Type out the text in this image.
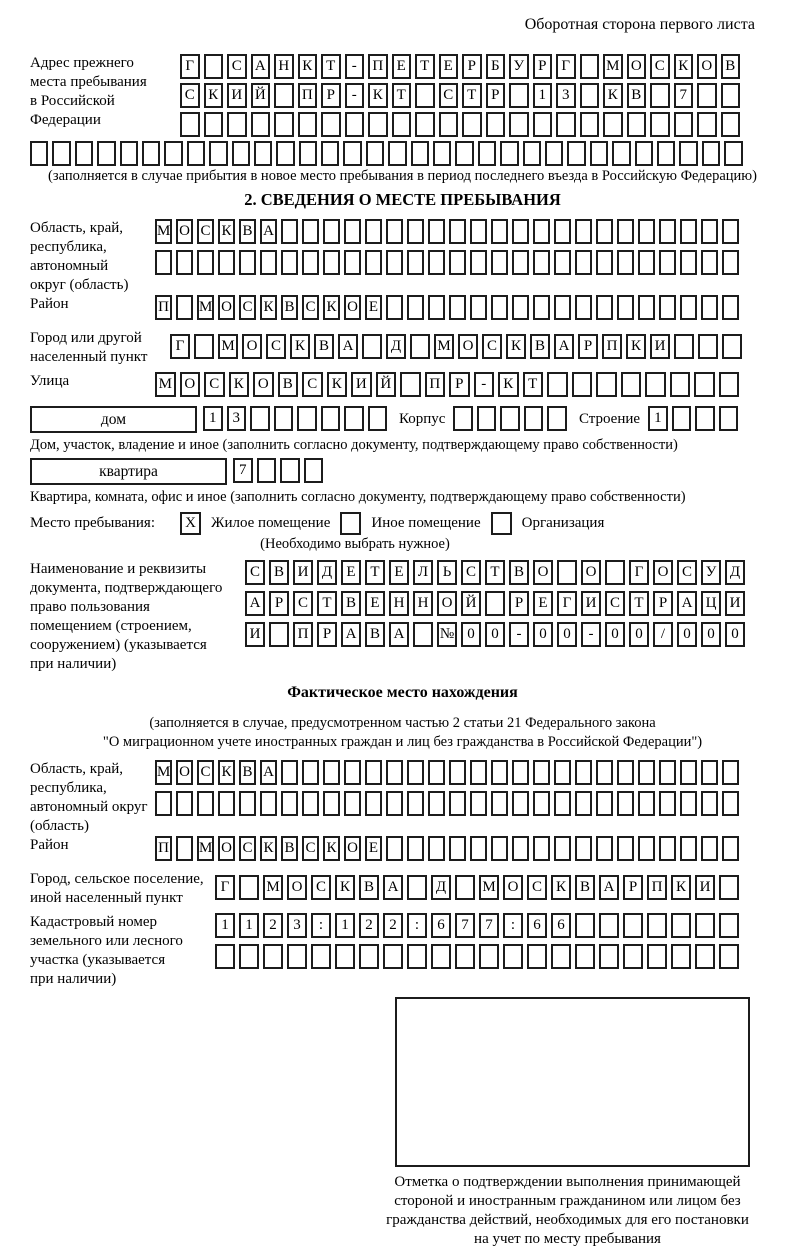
Оборотная сторона первого листа
Адрес прежнего
места пребывания
в Российской
Федерации
Г	С А Н К Т	-	П Е Т Е Р	Б У Р Г	М О С К О В
С К И Й П Р	-	К Т	С Т Р	1	3	К В	7
(заполняется в случае прибытия в новое место пребывания в период последнего въезда в Российскую Федерацию)
2. СВЕДЕНИЯ О МЕСТЕ ПРЕБЫВАНИЯ
Область, край,
республика,
автономный
округ (область)
М О С К В А
Район	П М О С К В С К О Е
Город или другой
населенный пункт
Г	М О С К В А	Д	М О С К В А Р П К И
Улица	М О С К О В С К И Й	П Р	-	К Т
дом	1	3	Корпус	Строение 1
Дом, участок, владение и иное (заполнить согласно документу, подтверждающему право собственности)
квартира	7
Квартира, комната, офис и иное (заполнить согласно документу, подтверждающему право собственности)
Место пребывания:	X	Жилое помещение	Иное помещение	Организация
(Необходимо выбрать нужное)
Наименование и реквизиты
документа, подтверждающего
право пользования
помещением (строением,
сооружением) (указывается
при наличии)
С В И Д Е Т Е Л Ь С Т В О	О	Г О С У Д
А Р С Т В Е Н Н О Й	Р	Е	Г И С Т	Р А Ц И
И	П Р А В А	№ 0	0	-	0	0	-	0	0	/	0	0	0
Фактическое место нахождения
(заполняется в случае, предусмотренном частью 2 статьи 21 Федерального закона
"О миграционном учете иностранных граждан и лиц без гражданства в Российской Федерации")
Область, край,
республика,
автономный округ
(область)
М О С К В А
Район	П М О С К В С К О Е
Город, сельское поселение,
иной населенный пункт
Г	М О С К В А	Д	М О С К В А Р П К И
Кадастровый номер
земельного или лесного
участка (указывается
при наличии)
1	1	2	3	:	1	2	2	:	6	7	7	:	6	6
Отметка о подтверждении выполнения принимающей
стороной и иностранным гражданином или лицом без
гражданства действий, необходимых для его постановки
на учет по месту пребывания
